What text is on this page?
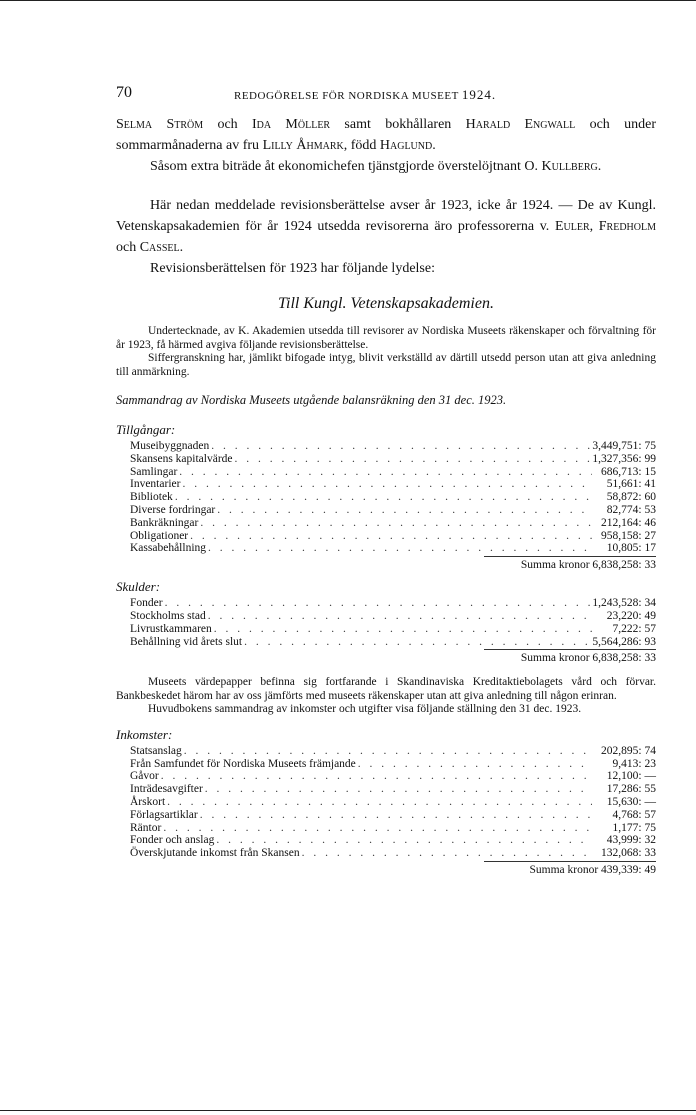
70	REDOGÖRELSE FÖR NORDISKA MUSEET 1924.

Selma Ström och Ida Möller samt bokhållaren Harald Engwall och under sommarmånaderna av fru Lilly Åhmark, född Haglund.

Såsom extra biträde åt ekonomichefen tjänstgjorde överstelöjtnant O. Kullberg.

Här nedan meddelade revisionsberättelse avser år 1923, icke år 1924. — De av Kungl. Vetenskapsakademien för år 1924 utsedda revisorerna äro professorerna v. Euler, Fredholm och Cassel.

Revisionsberättelsen för 1923 har följande lydelse:

Till Kungl. Vetenskapsakademien.

Undertecknade, av K. Akademien utsedda till revisorer av Nordiska Museets räkenskaper och förvaltning för år 1923, få härmed avgiva följande revisionsberättelse.

Siffergranskning har, jämlikt bifogade intyg, blivit verkställd av därtill utsedd person utan att giva anledning till anmärkning.

Sammandrag av Nordiska Museets utgående balansräkning den 31 dec. 1923.
Tillgångar:
Museibyggnaden . . .	3,449,751: 75
Skansens kapitalvärde . . .	1,327,356: 99
Samlingar . . .	686,713: 15
Inventarier . . .	51,661: 41
Bibliotek . . .	58,872: 60
Diverse fordringar . . .	82,774: 53
Bankräkningar . . .	212,164: 46
Obligationer . . .	958,158: 27
Kassabehållning . . .	10,805: 17
Summa kronor 6,838,258: 33
Skulder:
Fonder . . .	1,243,528: 34
Stockholms stad . . .	23,220: 49
Livrustkammaren . . .	7,222: 57
Behållning vid årets slut . . .	5,564,286: 93
Summa kronor 6,838,258: 33

Museets värdepapper befinna sig fortfarande i Skandinaviska Kreditaktiebolagets vård och förvar. Bankbeskedet härom har av oss jämförts med museets räkenskaper utan att giva anledning till någon erinran.

Huvudbokens sammandrag av inkomster och utgifter visa följande ställning den 31 dec. 1923.

Inkomster:
Statsanslag . . .	202,895: 74
Från Samfundet för Nordiska Museets främjande . . .	9,413: 23
Gåvor . . .	12,100: —
Inträdesavgifter . . .	17,286: 55
Årskort . . .	15,630: —
Förlagsartiklar . . .	4,768: 57
Räntor . . .	1,177: 75
Fonder och anslag . . .	43,999: 32
Överskjutande inkomst från Skansen . . .	132,068: 33
Summa kronor 439,339: 49
